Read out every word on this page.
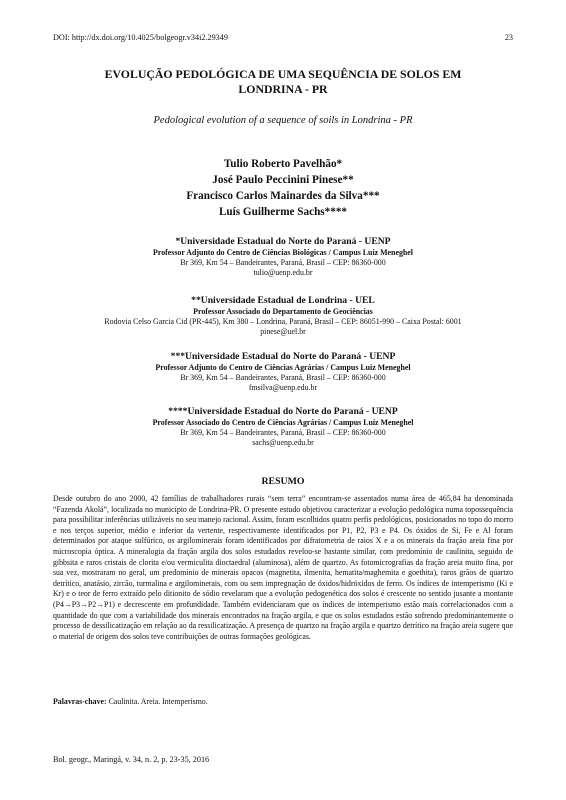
DOI: http://dx.doi.org/10.4025/bolgeogr.v34i2.29349	23
EVOLUÇÃO PEDOLÓGICA DE UMA SEQUÊNCIA DE SOLOS EM
LONDRINA - PR
Pedological evolution of a sequence of soils in Londrina - PR
Tulio Roberto Pavelhão*
José Paulo Peccinini Pinese**
Francisco Carlos Mainardes da Silva***
Luís Guilherme Sachs****
*Universidade Estadual do Norte do Paraná - UENP
Professor Adjunto do Centro de Ciências Biológicas / Campus Luiz Meneghel
Br 369, Km 54 – Bandeirantes, Paraná, Brasil – CEP: 86360-000
tulio@uenp.edu.br
**Universidade Estadual de Londrina - UEL
Professor Associado do Departamento de Geociências
Rodovia Celso Garcia Cid (PR-445), Km 380 – Londrina, Paraná, Brasil – CEP: 86051-990 – Caixa Postal: 6001
pinese@uel.br
***Universidade Estadual do Norte do Paraná - UENP
Professor Adjunto do Centro de Ciências Agrárias / Campus Luiz Meneghel
Br 369, Km 54 – Bandeirantes, Paraná, Brasil – CEP: 86360-000
fmsilva@uenp.edu.br
****Universidade Estadual do Norte do Paraná - UENP
Professor Associado do Centro de Ciências Agrárias / Campus Luiz Meneghel
Br 369, Km 54 – Bandeirantes, Paraná, Brasil – CEP: 86360-000
sachs@uenp.edu.br
RESUMO
Desde outubro do ano 2000, 42 famílias de trabalhadores rurais “sem terra” encontram-se assentados numa área de 465,84 ha denominada “Fazenda Akolá”, localizada no município de Londrina-PR. O presente estudo objetivou caracterizar a evolução pedológica numa topossequência para possibilitar inferências utilizáveis no seu manejo racional. Assim, foram escolhidos quatro perfis pedológicos, posicionados no topo do morro e nos terços superior, médio e inferior da vertente, respectivamente identificados por P1, P2, P3 e P4. Os óxidos de Si, Fe e Al foram determinados por ataque sulfúrico, os argilominerais foram identificados por difratometria de raios X e a os minerais da fração areia fina por microscopia óptica. A mineralogia da fração argila dos solos estudados revelou-se bastante similar, com predomínio de caulinita, seguido de gibbsita e raros cristais de clorita e/ou vermiculita dioctaedral (aluminosa), além de quartzo. As fotomicrografias da fração areia muito fina, por sua vez, mostraram no geral, um predomínio de minerais opacos (magnetita, ilmenita, hematita/maghemita e goethita), raros grãos de quartzo detrítico, anatásio, zircão, turmalina e argilominerais, com ou sem impregnação de óxidos/hidróxidos de ferro. Os índices de intemperismo (Ki e Kr) e o teor de ferro extraído pelo ditionito de sódio revelaram que a evolução pedogenética dos solos é crescente no sentido jusante a montante (P4→P3→P2→P1) e decrescente em profundidade. Também evidenciaram que os índices de intemperismo estão mais correlacionados com a quantidade do que com a variabilidade dos minerais encontrados na fração argila, e que os solos estudados estão sofrendo predominantemente o processo de dessilicatização em relação ao da ressilicatização. A presença de quartzo na fração argila e quartzo detrítico na fração areia sugere que o material de origem dos solos teve contribuições de outras formações geológicas.
Palavras-chave: Caulinita. Areia. Intemperismo.
Bol. geogr., Maringá, v. 34, n. 2, p. 23-35, 2016
